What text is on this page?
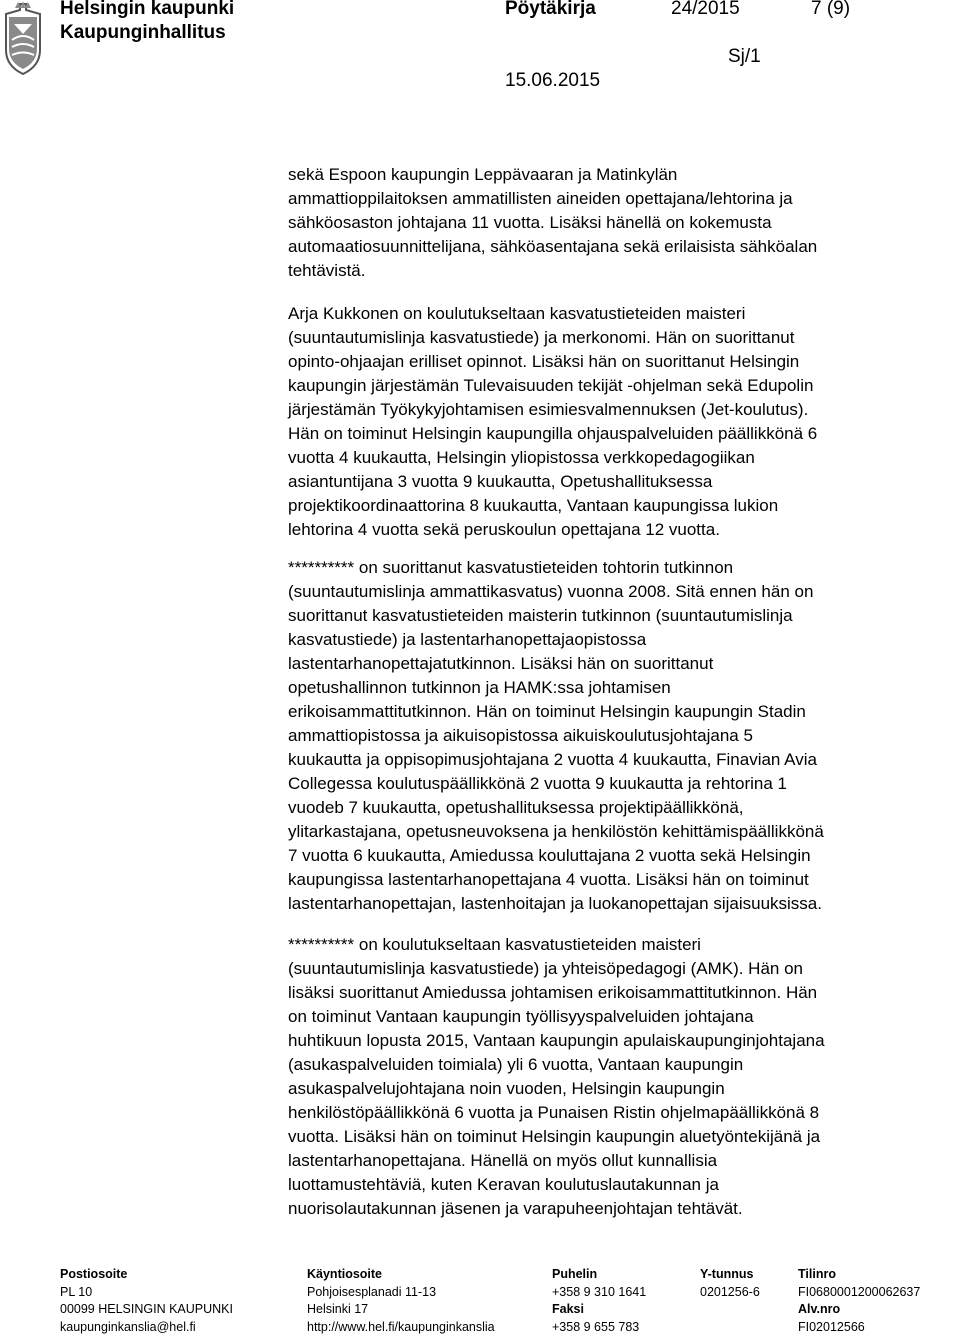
Helsingin kaupunki
Kaupunginhallitus
Pöytäkirja	24/2015	7 (9)
Sj/1
15.06.2015
sekä Espoon kaupungin Leppävaaran ja Matinkylän
ammattioppilaitoksen ammatillisten aineiden opettajana/lehtorina ja
sähköosaston johtajana 11 vuotta. Lisäksi hänellä on kokemusta
automaatiosuunnittelijana, sähköasentajana sekä erilaisista sähköalan
tehtävistä.
Arja Kukkonen on koulutukseltaan kasvatustieteiden maisteri
(suuntautumislinja kasvatustiede) ja merkonomi. Hän on suorittanut
opinto-ohjaajan erilliset opinnot. Lisäksi hän on suorittanut Helsingin
kaupungin järjestämän Tulevaisuuden tekijät -ohjelman sekä Edupolin
järjestämän Työkykyjohtamisen esimiesvalmennuksen (Jet-koulutus).
Hän on toiminut Helsingin kaupungilla ohjauspalveluiden päällikkönä 6
vuotta 4 kuukautta, Helsingin yliopistossa verkkopedagogiikan
asiantuntijana 3 vuotta 9 kuukautta, Opetushallituksessa
projektikoordinaattorina 8 kuukautta, Vantaan kaupungissa lukion
lehtorina 4 vuotta sekä peruskoulun opettajana 12 vuotta.
********** on suorittanut kasvatustieteiden tohtorin tutkinnon
(suuntautumislinja ammattikasvatus) vuonna 2008. Sitä ennen hän on
suorittanut kasvatustieteiden maisterin tutkinnon (suuntautumislinja
kasvatustiede) ja lastentarhanopettajaopistossa
lastentarhanopettajatutkinnon. Lisäksi hän on suorittanut
opetushallinnon tutkinnon ja HAMK:ssa johtamisen
erikoisammattitutkinnon. Hän on toiminut Helsingin kaupungin Stadin
ammattiopistossa ja aikuisopistossa aikuiskoulutusjohtajana 5
kuukautta ja oppisopimusjohtajana 2 vuotta 4 kuukautta, Finavian Avia
Collegessa koulutuspäällikkönä 2 vuotta 9 kuukautta ja rehtorina 1
vuodeb 7 kuukautta, opetushallituksessa projektipäällikkönä,
ylitarkastajana, opetusneuvoksena ja henkilöstön kehittämispäällikkönä
7 vuotta 6 kuukautta, Amiedussa kouluttajana 2 vuotta sekä Helsingin
kaupungissa lastentarhanopettajana 4 vuotta. Lisäksi hän on toiminut
lastentarhanopettajan, lastenhoitajan ja luokanopettajan sijaisuuksissa.
********** on koulutukseltaan kasvatustieteiden maisteri
(suuntautumislinja kasvatustiede) ja yhteisöpedagogi (AMK). Hän on
lisäksi suorittanut Amiedussa johtamisen erikoisammattitutkinnon. Hän
on toiminut Vantaan kaupungin työllisyyspalveluiden johtajana
huhtikuun lopusta 2015, Vantaan kaupungin apulaiskaupunginjohtajana
(asukaspalveluiden toimiala) yli 6 vuotta, Vantaan kaupungin
asukaspalvelujohtajana noin vuoden, Helsingin kaupungin
henkilöstöpäällikkönä 6 vuotta ja Punaisen Ristin ohjelmapäällikkönä 8
vuotta. Lisäksi hän on toiminut Helsingin kaupungin aluetyöntekijänä ja
lastentarhanopettajana. Hänellä on myös ollut kunnallisia
luottamustehtäviä, kuten Keravan koulutuslautakunnan ja
nuorisolautakunnan jäsenen ja varapuheenjohtajan tehtävät.
Postiosoite
PL 10
00099 HELSINGIN KAUPUNKI
kaupunginkanslia@hel.fi
Käyntiosoite
Pohjoisesplanadi 11-13
Helsinki 17
http://www.hel.fi/kaupunginkanslia
Puhelin
+358 9 310 1641
Faksi
+358 9 655 783
Y-tunnus
0201256-6
Tilinro
FI0680001200062637
Alv.nro
FI02012566
